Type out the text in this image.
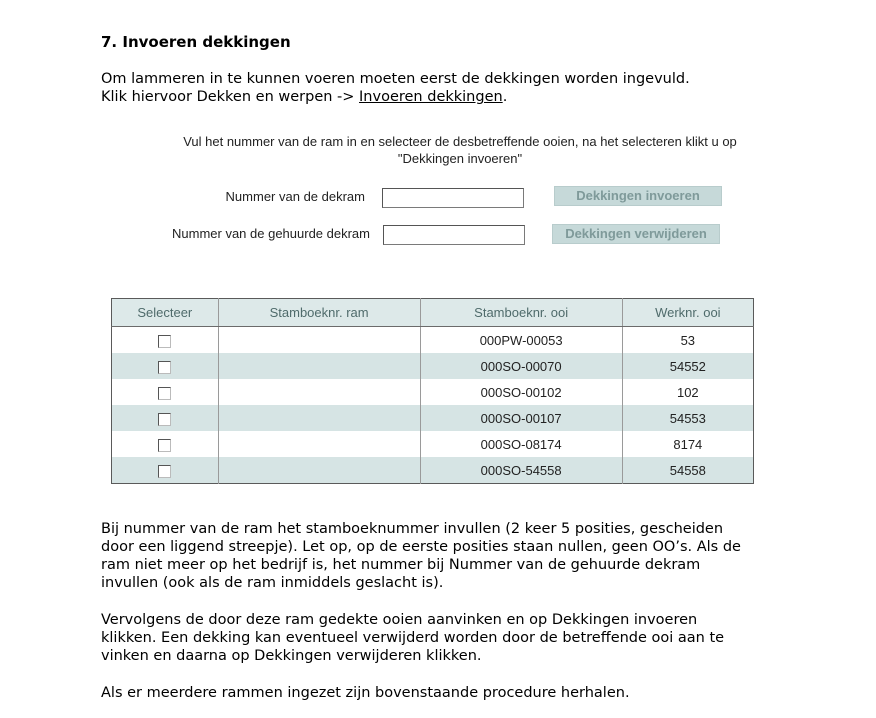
7. Invoeren dekkingen
Om lammeren in te kunnen voeren moeten eerst de dekkingen worden ingevuld.
Klik hiervoor Dekken en werpen -> Invoeren dekkingen.
Vul het nummer van de ram in en selecteer de desbetreffende ooien, na het selecteren klikt u op
"Dekkingen invoeren"
Nummer van de dekram	Dekkingen invoeren
Nummer van de gehuurde dekram	Dekkingen verwijderen
Selecteer	Stamboeknr. ram	Stamboeknr. ooi	Werknr. ooi
		000PW-00053	53
		000SO-00070	54552
		000SO-00102	102
		000SO-00107	54553
		000SO-08174	8174
		000SO-54558	54558
Bij nummer van de ram het stamboeknummer invullen (2 keer 5 posities, gescheiden
door een liggend streepje). Let op, op de eerste posities staan nullen, geen OO’s. Als de
ram niet meer op het bedrijf is, het nummer bij Nummer van de gehuurde dekram
invullen (ook als de ram inmiddels geslacht is).
Vervolgens de door deze ram gedekte ooien aanvinken en op Dekkingen invoeren
klikken. Een dekking kan eventueel verwijderd worden door de betreffende ooi aan te
vinken en daarna op Dekkingen verwijderen klikken.
Als er meerdere rammen ingezet zijn bovenstaande procedure herhalen.
